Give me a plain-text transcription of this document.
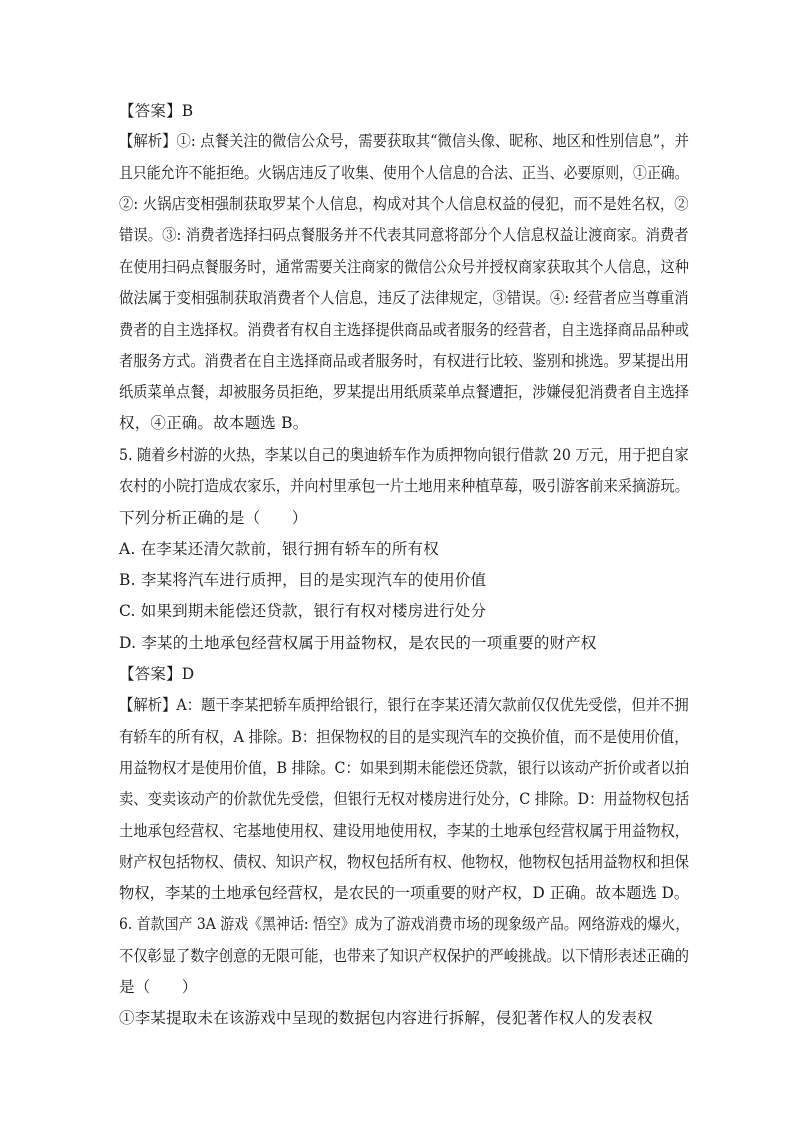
【答案】B
【解析】①: 点餐关注的微信公众号，需要获取其“微信头像、昵称、地区和性别信息”，并
且只能允许不能拒绝。火锅店违反了收集、使用个人信息的合法、正当、必要原则，①正确。
②: 火锅店变相强制获取罗某个人信息，构成对其个人信息权益的侵犯，而不是姓名权，②
错误。③: 消费者选择扫码点餐服务并不代表其同意将部分个人信息权益让渡商家。消费者
在使用扫码点餐服务时，通常需要关注商家的微信公众号并授权商家获取其个人信息，这种
做法属于变相强制获取消费者个人信息，违反了法律规定，③错误。④: 经营者应当尊重消
费者的自主选择权。消费者有权自主选择提供商品或者服务的经营者，自主选择商品品种或
者服务方式。消费者在自主选择商品或者服务时，有权进行比较、鉴别和挑选。罗某提出用
纸质菜单点餐，却被服务员拒绝，罗某提出用纸质菜单点餐遭拒，涉嫌侵犯消费者自主选择
权，④正确。故本题选 B。
5. 随着乡村游的火热，李某以自己的奥迪轿车作为质押物向银行借款 20 万元，用于把自家
农村的小院打造成农家乐，并向村里承包一片土地用来种植草莓，吸引游客前来采摘游玩。
下列分析正确的是（　　）
A. 在李某还清欠款前，银行拥有轿车的所有权
B. 李某将汽车进行质押，目的是实现汽车的使用价值
C. 如果到期未能偿还贷款，银行有权对楼房进行处分
D. 李某的土地承包经营权属于用益物权，是农民的一项重要的财产权
【答案】D
【解析】A：题干李某把轿车质押给银行，银行在李某还清欠款前仅仅优先受偿，但并不拥
有轿车的所有权，A 排除。B：担保物权的目的是实现汽车的交换价值，而不是使用价值，
用益物权才是使用价值，B 排除。C：如果到期未能偿还贷款，银行以该动产折价或者以拍
卖、变卖该动产的价款优先受偿，但银行无权对楼房进行处分，C 排除。D：用益物权包括
土地承包经营权、宅基地使用权、建设用地使用权，李某的土地承包经营权属于用益物权，
财产权包括物权、债权、知识产权，物权包括所有权、他物权，他物权包括用益物权和担保
物权，李某的土地承包经营权，是农民的一项重要的财产权，D 正确。故本题选 D。
6. 首款国产 3A 游戏《黑神话: 悟空》成为了游戏消费市场的现象级产品。网络游戏的爆火，
不仅彰显了数字创意的无限可能，也带来了知识产权保护的严峻挑战。以下情形表述正确的
是（　　）
①李某提取未在该游戏中呈现的数据包内容进行拆解，侵犯著作权人的发表权
